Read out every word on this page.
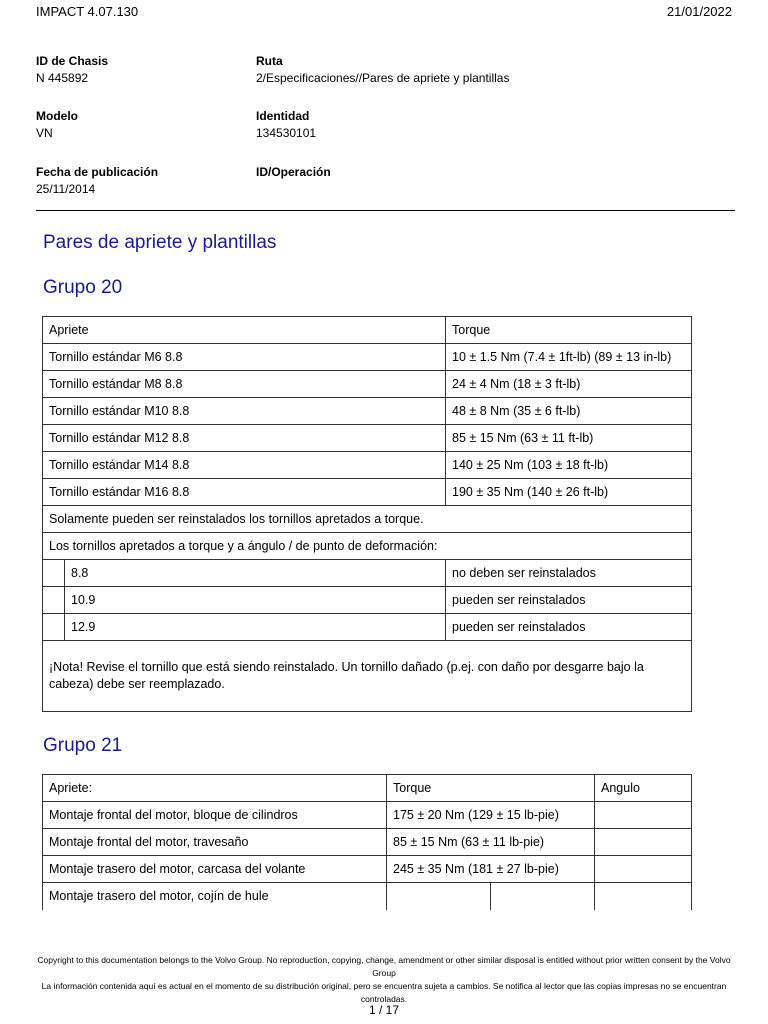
IMPACT 4.07.130	21/01/2022
ID de Chasis
N 445892
Ruta
2/Especificaciones//Pares de apriete y plantillas
Modelo
VN
Identidad
134530101
Fecha de publicación
25/11/2014
ID/Operación
Pares de apriete y plantillas
Grupo 20
Apriete		Torque
Tornillo estándar M6 8.8		10 ± 1.5 Nm (7.4 ± 1ft-lb) (89 ± 13 in-lb)
Tornillo estándar M8 8.8		24 ± 4 Nm (18 ± 3 ft-lb)
Tornillo estándar M10 8.8		48 ± 8 Nm (35 ± 6 ft-lb)
Tornillo estándar M12 8.8		85 ± 15 Nm (63 ± 11 ft-lb)
Tornillo estándar M14 8.8		140 ± 25 Nm (103 ± 18 ft-lb)
Tornillo estándar M16 8.8		190 ± 35 Nm (140 ± 26 ft-lb)
Solamente pueden ser reinstalados los tornillos apretados a torque.		
Los tornillos apretados a torque y a ángulo / de punto de deformación:		
	8.8	no deben ser reinstalados
	10.9	pueden ser reinstalados
	12.9	pueden ser reinstalados
¡Nota! Revise el tornillo que está siendo reinstalado. Un tornillo dañado (p.ej. con daño por desgarre bajo la cabeza) debe ser reemplazado.		
Grupo 21
Apriete:	Torque		Angulo
Montaje frontal del motor, bloque de cilindros	175 ± 20 Nm (129 ± 15 lb-pie)		
Montaje frontal del motor, travesaño	85 ± 15 Nm (63 ± 11 lb-pie)		
Montaje trasero del motor, carcasa del volante	245 ± 35 Nm (181 ± 27 lb-pie)		
Montaje trasero del motor, cojín de hule			
Copyright to this documentation belongs to the Volvo Group. No reproduction, copying, change, amendment or other similar disposal is entitled without prior written consent by the Volvo Group
La información contenida aquí es actual en el momento de su distribución original, pero se encuentra sujeta a cambios. Se notifica al lector que las copias impresas no se encuentran controladas.
1 / 17
